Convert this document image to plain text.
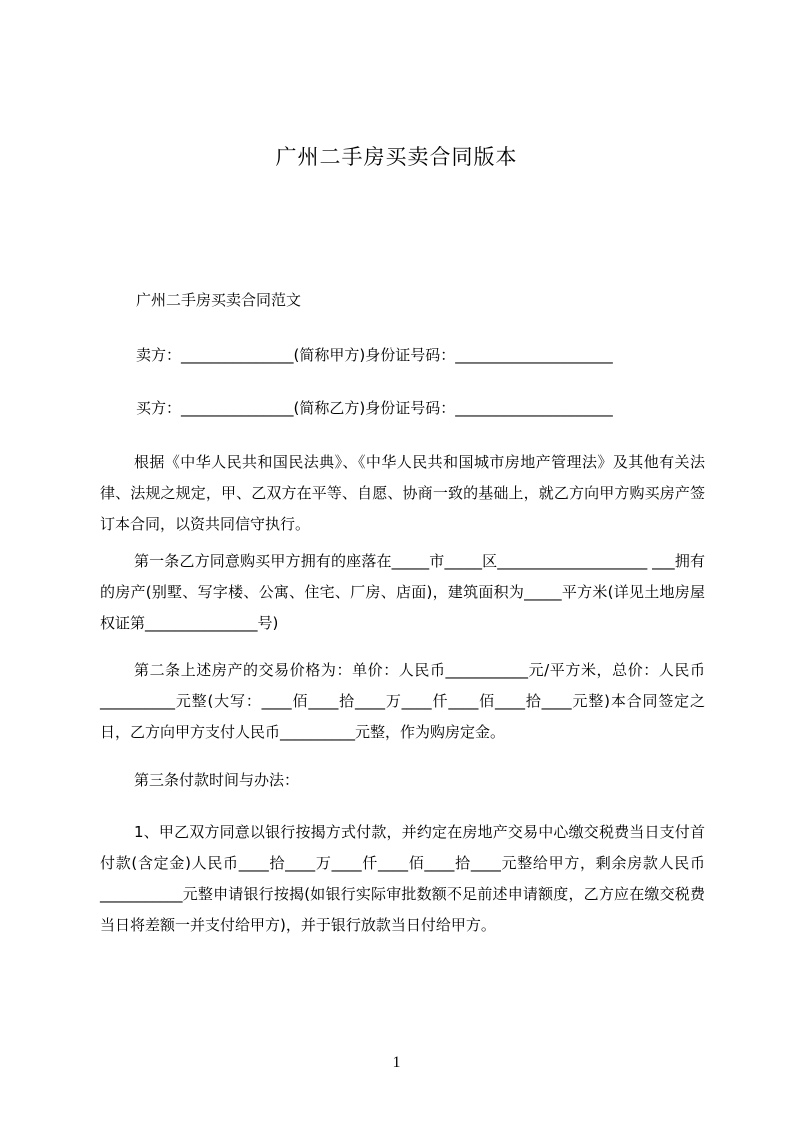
广州二手房买卖合同版本
广州二手房买卖合同范文
卖方：_______________(简称甲方)身份证号码：_____________________
买方：_______________(简称乙方)身份证号码：_____________________
根据《中华人民共和国民法典》、《中华人民共和国城市房地产管理法》及其他有关法律、法规之规定，甲、乙双方在平等、自愿、协商一致的基础上，就乙方向甲方购买房产签订本合同，以资共同信守执行。
第一条乙方同意购买甲方拥有的座落在_____市_____区____________________ ___拥有的房产(别墅、写字楼、公寓、住宅、厂房、店面)，建筑面积为_____平方米(详见土地房屋权证第_______________号)
第二条上述房产的交易价格为：单价：人民币___________元/平方米，总价：人民币__________元整(大写：____佰____拾____万____仟____佰____拾____元整)本合同签定之日，乙方向甲方支付人民币__________元整，作为购房定金。
第三条付款时间与办法：
1、甲乙双方同意以银行按揭方式付款，并约定在房地产交易中心缴交税费当日支付首付款(含定金)人民币____拾____万____仟____佰____拾____元整给甲方，剩余房款人民币___________元整申请银行按揭(如银行实际审批数额不足前述申请额度，乙方应在缴交税费当日将差额一并支付给甲方)，并于银行放款当日付给甲方。
1
